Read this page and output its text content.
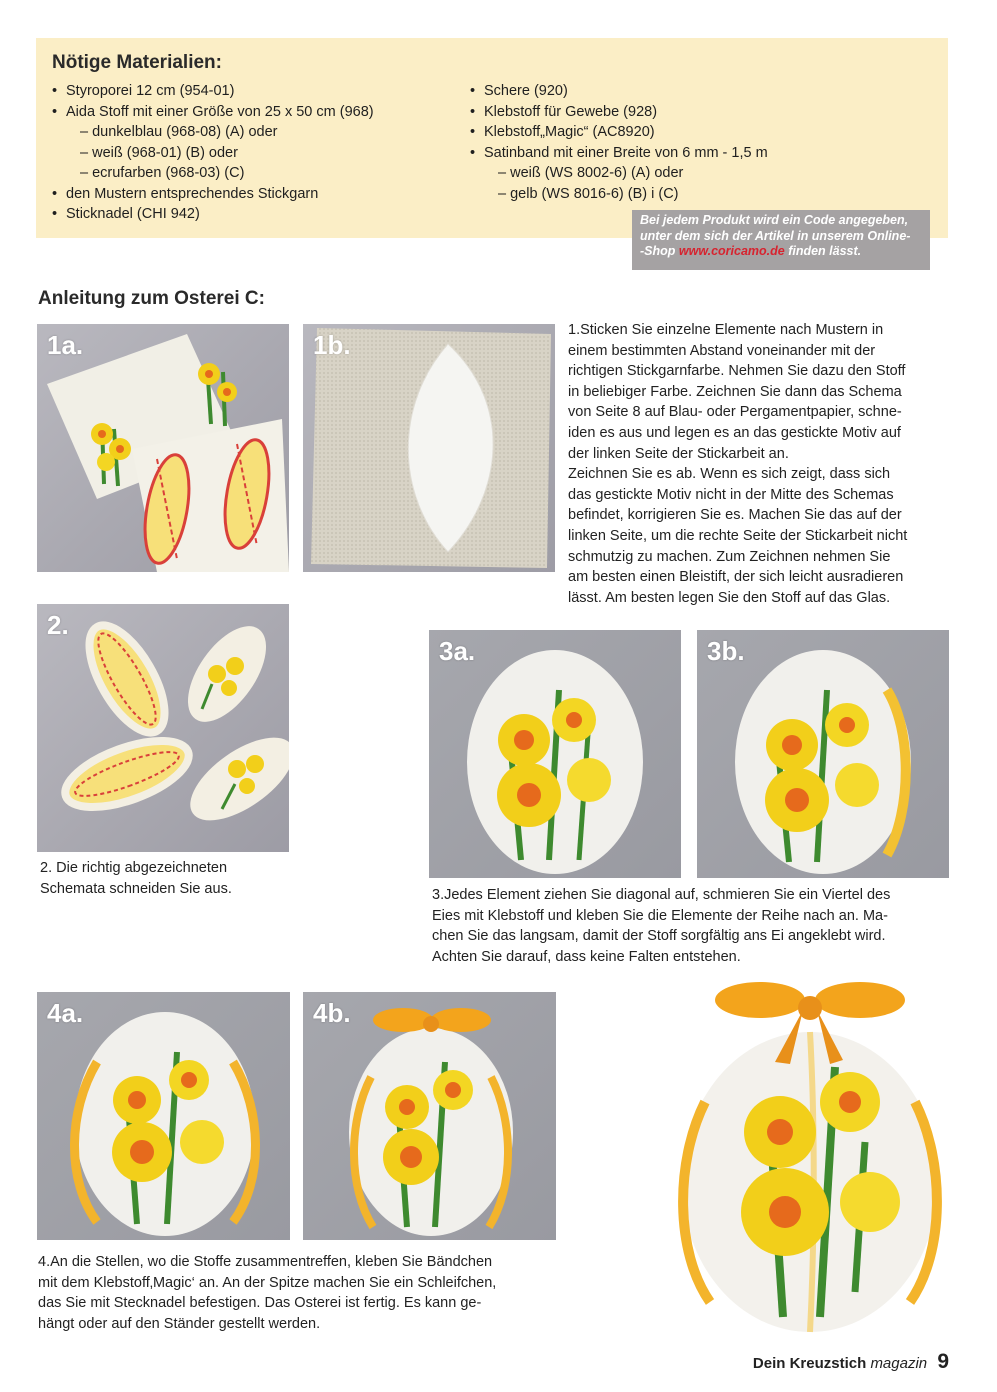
Nötige Materialien:
• Styroporei 12 cm (954-01)
• Aida Stoff mit einer Größe von 25 x 50 cm (968)
– dunkelblau (968-08) (A) oder
– weiß (968-01) (B) oder
– ecrufarben (968-03) (C)
• den Mustern entsprechendes Stickgarn
• Sticknadel (CHI 942)
• Schere (920)
• Klebstoff für Gewebe (928)
• Klebstoff„Magic“ (AC8920)
• Satinband mit einer Breite von 6 mm - 1,5 m
– weiß (WS 8002-6) (A) oder
– gelb (WS 8016-6) (B) i (C)
Bei jedem Produkt wird ein Code angegeben,
unter dem sich der Artikel in unserem Online-
-Shop www.coricamo.de finden lässt.
Anleitung zum Osterei C:
1a.	1b.	1.Sticken Sie einzelne Elemente nach Mustern in
einem bestimmten Abstand voneinander mit der
richtigen Stickgarnfarbe. Nehmen Sie dazu den Stoff
in beliebiger Farbe. Zeichnen Sie dann das Schema
von Seite 8 auf Blau- oder Pergamentpapier, schne-
iden es aus und legen es an das gestickte Motiv auf
der linken Seite der Stickarbeit an.
Zeichnen Sie es ab. Wenn es sich zeigt, dass sich
das gestickte Motiv nicht in der Mitte des Schemas
befindet, korrigieren Sie es. Machen Sie das auf der
linken Seite, um die rechte Seite der Stickarbeit nicht
schmutzig zu machen. Zum Zeichnen nehmen Sie
am besten einen Bleistift, der sich leicht ausradieren
lässt. Am besten legen Sie den Stoff auf das Glas.
2.
2. Die richtig abgezeichneten
Schemata schneiden Sie aus.
3a.	3b.
3.Jedes Element ziehen Sie diagonal auf, schmieren Sie ein Viertel des
Eies mit Klebstoff und kleben Sie die Elemente der Reihe nach an. Ma-
chen Sie das langsam, damit der Stoff sorgfältig ans Ei angeklebt wird.
Achten Sie darauf, dass keine Falten entstehen.
4a.	4b.
4.An die Stellen, wo die Stoffe zusammentreffen, kleben Sie Bändchen
mit dem Klebstoff‚Magic‘ an. An der Spitze machen Sie ein Schleifchen,
das Sie mit Stecknadel befestigen. Das Osterei ist fertig. Es kann ge-
hängt oder auf den Ständer gestellt werden.
Dein Kreuzstich magazin 9
